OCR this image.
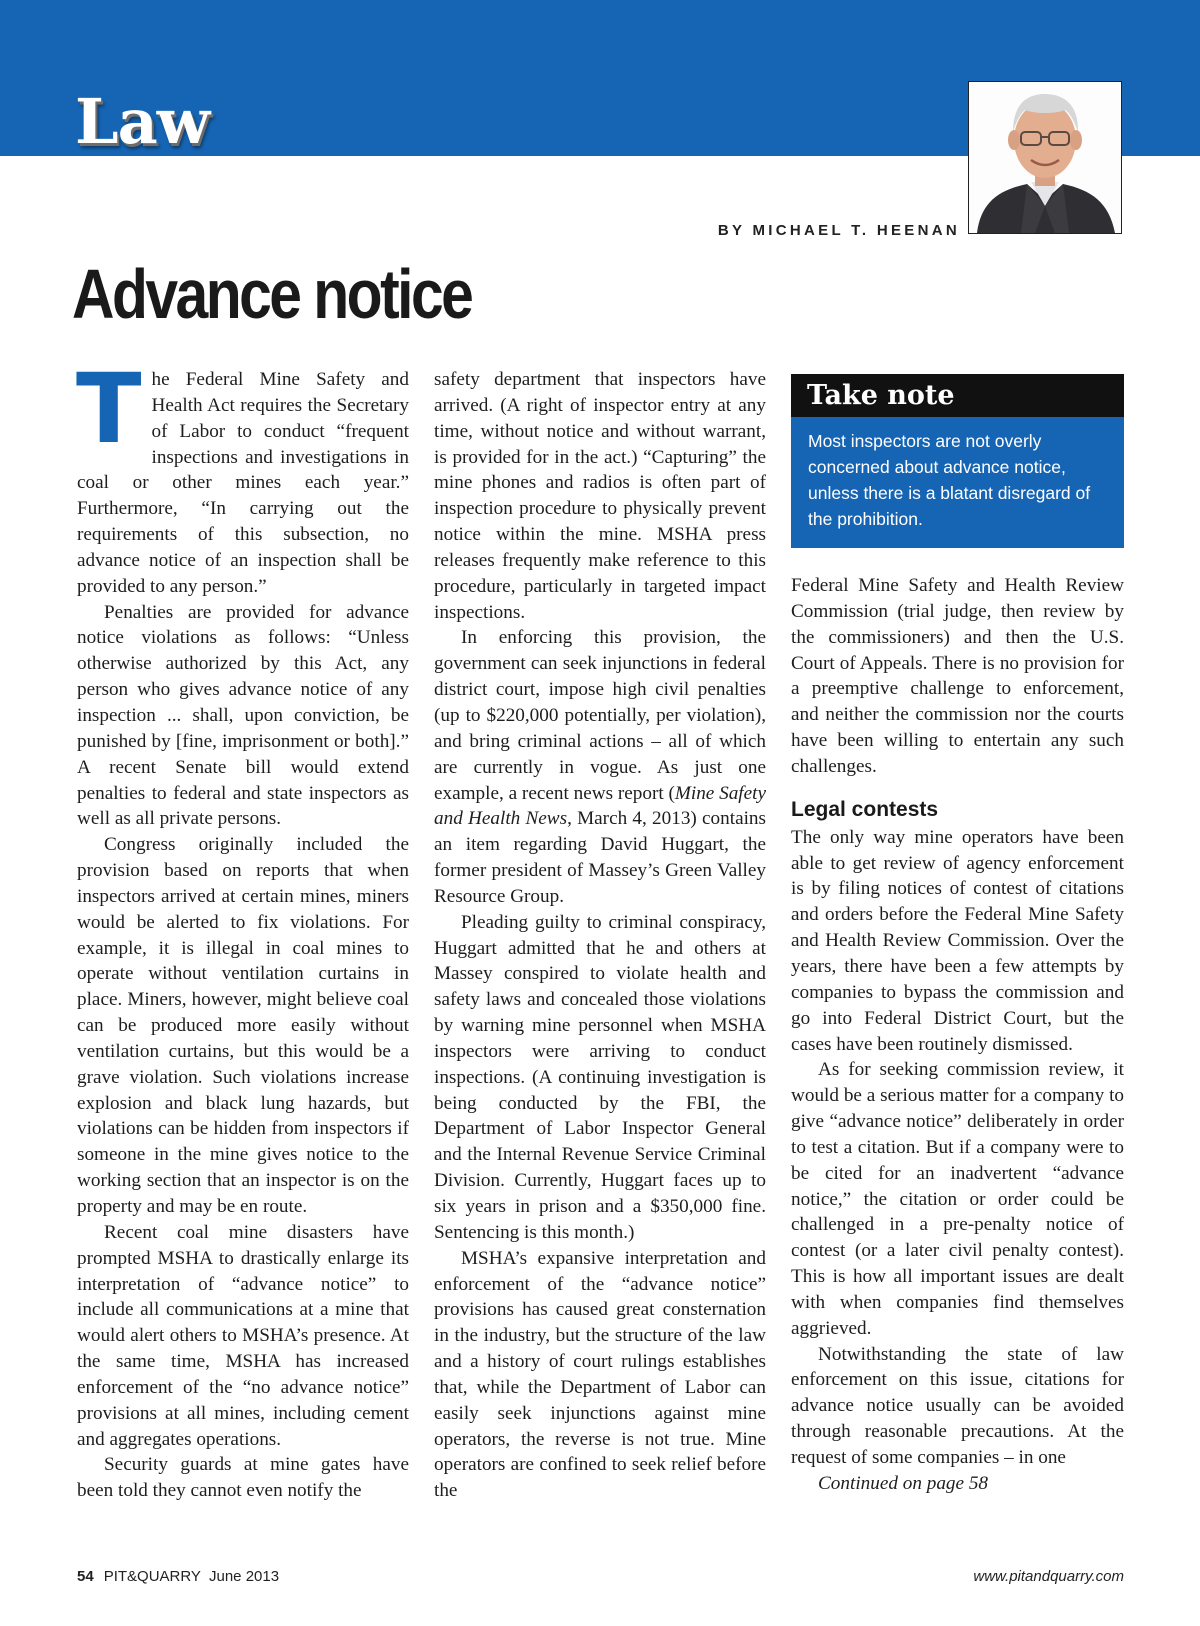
Law
BY MICHAEL T. HEENAN
Advance notice

The Federal Mine Safety and Health Act requires the Secretary of Labor to conduct “frequent inspections and investigations in coal or other mines each year.” Furthermore, “In carrying out the requirements of this subsection, no advance notice of an inspection shall be provided to any person.”

Penalties are provided for advance notice violations as follows: “Unless otherwise authorized by this Act, any person who gives advance notice of any inspection ... shall, upon conviction, be punished by [fine, imprisonment or both].” A recent Senate bill would extend penalties to federal and state inspectors as well as all private persons.

Congress originally included the provision based on reports that when inspectors arrived at certain mines, miners would be alerted to fix violations. For example, it is illegal in coal mines to operate without ventilation curtains in place. Miners, however, might believe coal can be produced more easily without ventilation curtains, but this would be a grave violation. Such violations increase explosion and black lung hazards, but violations can be hidden from inspectors if someone in the mine gives notice to the working section that an inspector is on the property and may be en route.

Recent coal mine disasters have prompted MSHA to drastically enlarge its interpretation of “advance notice” to include all communications at a mine that would alert others to MSHA’s presence. At the same time, MSHA has increased enforcement of the “no advance notice” provisions at all mines, including cement and aggregates operations.

Security guards at mine gates have been told they cannot even notify the

safety department that inspectors have arrived. (A right of inspector entry at any time, without notice and without warrant, is provided for in the act.) “Capturing” the mine phones and radios is often part of inspection procedure to physically prevent notice within the mine. MSHA press releases frequently make reference to this procedure, particularly in targeted impact inspections.

In enforcing this provision, the government can seek injunctions in federal district court, impose high civil penalties (up to $220,000 potentially, per violation), and bring criminal actions – all of which are currently in vogue. As just one example, a recent news report (Mine Safety and Health News, March 4, 2013) contains an item regarding David Huggart, the former president of Massey’s Green Valley Resource Group.

Pleading guilty to criminal conspiracy, Huggart admitted that he and others at Massey conspired to violate health and safety laws and concealed those violations by warning mine personnel when MSHA inspectors were arriving to conduct inspections. (A continuing investigation is being conducted by the FBI, the Department of Labor Inspector General and the Internal Revenue Service Criminal Division. Currently, Huggart faces up to six years in prison and a $350,000 fine. Sentencing is this month.)

MSHA’s expansive interpretation and enforcement of the “advance notice” provisions has caused great consternation in the industry, but the structure of the law and a history of court rulings establishes that, while the Department of Labor can easily seek injunctions against mine operators, the reverse is not true. Mine operators are confined to seek relief before the

Take note
Most inspectors are not overly concerned about advance notice, unless there is a blatant disregard of the prohibition.

Federal Mine Safety and Health Review Commission (trial judge, then review by the commissioners) and then the U.S. Court of Appeals. There is no provision for a preemptive challenge to enforcement, and neither the commission nor the courts have been willing to entertain any such challenges.

Legal contests

The only way mine operators have been able to get review of agency enforcement is by filing notices of contest of citations and orders before the Federal Mine Safety and Health Review Commission. Over the years, there have been a few attempts by companies to bypass the commission and go into Federal District Court, but the cases have been routinely dismissed.

As for seeking commission review, it would be a serious matter for a company to give “advance notice” deliberately in order to test a citation. But if a company were to be cited for an inadvertent “advance notice,” the citation or order could be challenged in a pre-penalty notice of contest (or a later civil penalty contest). This is how all important issues are dealt with when companies find themselves aggrieved.

Notwithstanding the state of law enforcement on this issue, citations for advance notice usually can be avoided through reasonable precautions. At the request of some companies – in one

Continued on page 58

54 PIT&QUARRY  June 2013	www.pitandquarry.com
